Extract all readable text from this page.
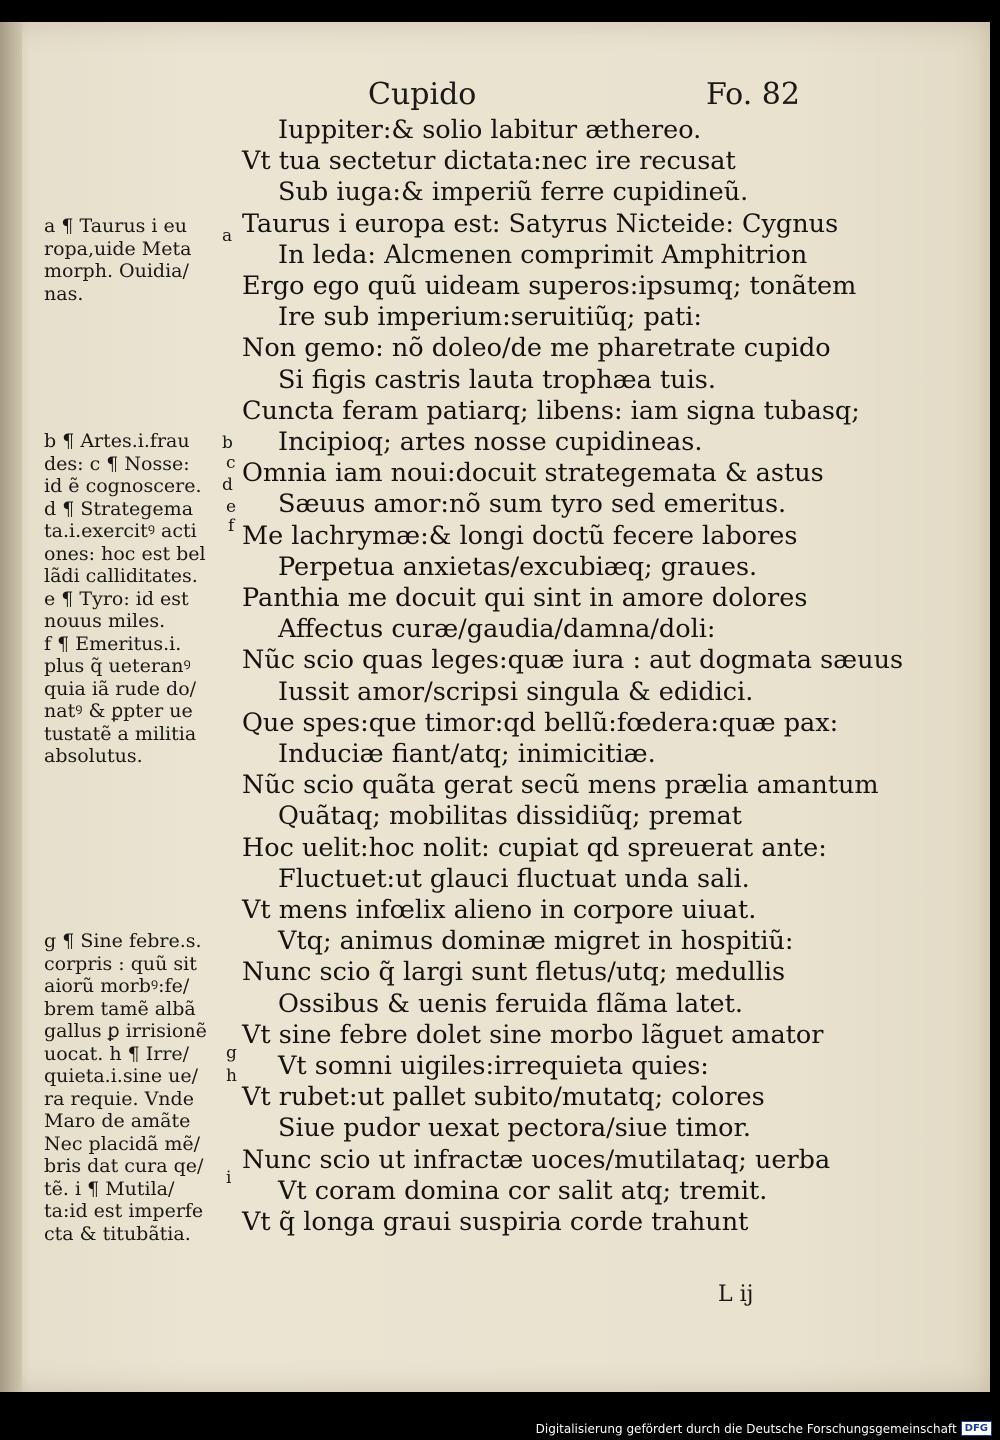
Cupido	Fo. 82
Iuppiter:& solio labitur æthereo.
Vt tua sectetur dictata:nec ire recusat
Sub iuga:& imperiũ ferre cupidineũ.
Taurus i europa est: Satyrus Nicteide: Cygnus
In leda: Alcmenen comprimit Amphitrion
Ergo ego quũ uideam superos:ipsumq; tonãtem
Ire sub imperium:seruitiũq; pati:
Non gemo: nõ doleo/de me pharetrate cupido
Si figis castris lauta trophæa tuis.
Cuncta feram patiarq; libens: iam signa tubasq;
Incipioq; artes nosse cupidineas.
Omnia iam noui:docuit strategemata & astus
Sæuus amor:nõ sum tyro sed emeritus.
Me lachrymæ:& longi doctũ fecere labores
Perpetua anxietas/excubiæq; graues.
Panthia me docuit qui sint in amore dolores
Affectus curæ/gaudia/damna/doli:
Nũc scio quas leges:quæ iura : aut dogmata sæuus
Iussit amor/scripsi singula & edidici.
Que spes:que timor:qd bellũ:fœdera:quæ pax:
Induciæ fiant/atq; inimicitiæ.
Nũc scio quãta gerat secũ mens prælia amantum
Quãtaq; mobilitas dissidiũq; premat
Hoc uelit:hoc nolit: cupiat qd spreuerat ante:
Fluctuet:ut glauci fluctuat unda sali.
Vt mens infœlix alieno in corpore uiuat.
Vtq; animus dominæ migret in hospitiũ:
Nunc scio q̃ largi sunt fletus/utq; medullis
Ossibus & uenis feruida flãma latet.
Vt sine febre dolet sine morbo lãguet amator
Vt somni uigiles:irrequieta quies:
Vt rubet:ut pallet subito/mutatq; colores
Siue pudor uexat pectora/siue timor.
Nunc scio ut infractæ uoces/mutilataq; uerba
Vt coram domina cor salit atq; tremit.
Vt q̃ longa graui suspiria corde trahunt
a ¶ Taurus i eu
ropa,uide Meta
morph. Ouidia/
nas.
b ¶ Artes.i.frau
des: c ¶ Nosse:
id ẽ cognoscere.
d ¶ Strategema
ta.i.exercitꝰ acti
ones: hoc est bel
lãdi calliditates.
e ¶ Tyro: id est
nouus miles.
f ¶ Emeritus.i.
plus q̃ ueteranꝰ
quia iã rude do/
natꝰ & ꝑpter ue
tustatẽ a militia
absolutus.
g ¶ Sine febre.s.
corpris : quũ sit
aiorũ morbꝰ:fe/
brem tamẽ albã
gallus ꝑ irrisionẽ
uocat. h ¶ Irre/
quieta.i.sine ue/
ra requie. Vnde
Maro de amãte
Nec placidã mẽ/
bris dat cura qe/
tẽ. i ¶ Mutila/
ta:id est imperfe
cta & titubãtia.
a
b
c
d
e
f
g
h
i
L ij
Digitalisierung gefördert durch die Deutsche Forschungsgemeinschaft DFG
